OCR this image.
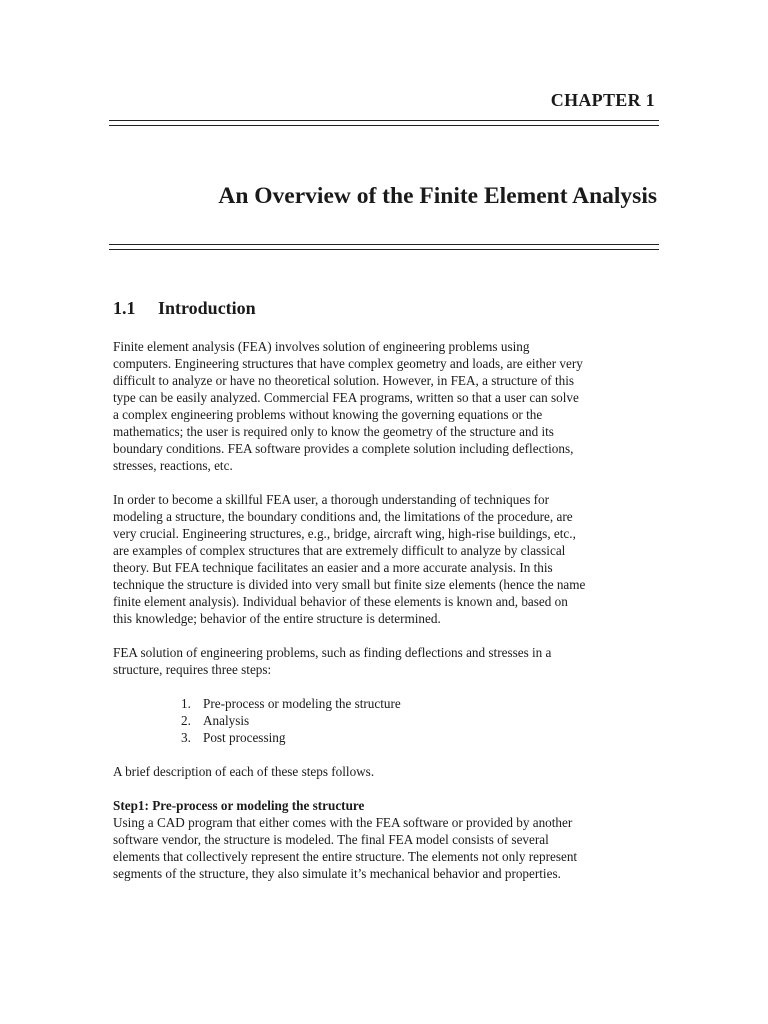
CHAPTER 1
An Overview of the Finite Element Analysis
1.1 Introduction

Finite element analysis (FEA) involves solution of engineering problems using
computers. Engineering structures that have complex geometry and loads, are either very
difficult to analyze or have no theoretical solution. However, in FEA, a structure of this
type can be easily analyzed. Commercial FEA programs, written so that a user can solve
a complex engineering problems without knowing the governing equations or the
mathematics; the user is required only to know the geometry of the structure and its
boundary conditions. FEA software provides a complete solution including deflections,
stresses, reactions, etc.

In order to become a skillful FEA user, a thorough understanding of techniques for
modeling a structure, the boundary conditions and, the limitations of the procedure, are
very crucial. Engineering structures, e.g., bridge, aircraft wing, high-rise buildings, etc.,
are examples of complex structures that are extremely difficult to analyze by classical
theory. But FEA technique facilitates an easier and a more accurate analysis. In this
technique the structure is divided into very small but finite size elements (hence the name
finite element analysis). Individual behavior of these elements is known and, based on
this knowledge; behavior of the entire structure is determined.

FEA solution of engineering problems, such as finding deflections and stresses in a
structure, requires three steps:

1. Pre-process or modeling the structure
2. Analysis
3. Post processing

A brief description of each of these steps follows.

Step1: Pre-process or modeling the structure
Using a CAD program that either comes with the FEA software or provided by another
software vendor, the structure is modeled. The final FEA model consists of several
elements that collectively represent the entire structure. The elements not only represent
segments of the structure, they also simulate it’s mechanical behavior and properties.
